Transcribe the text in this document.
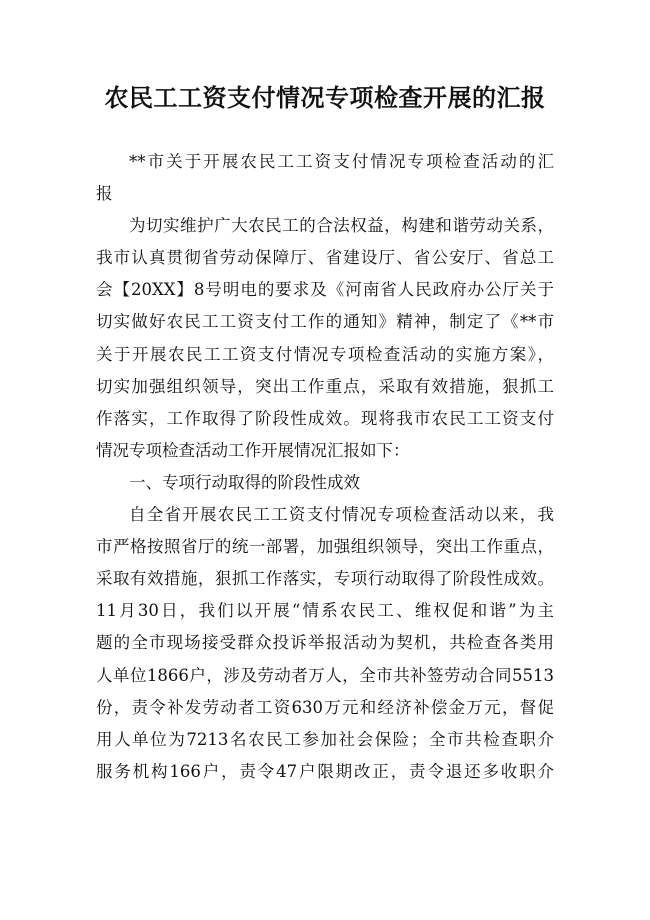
农民工工资支付情况专项检查开展的汇报
**市关于开展农民工工资支付情况专项检查活动的汇
报
为切实维护广大农民工的合法权益，构建和谐劳动关系，
我市认真贯彻省劳动保障厅、省建设厅、省公安厅、省总工
会【20XX】8号明电的要求及《河南省人民政府办公厅关于
切实做好农民工工资支付工作的通知》精神，制定了《**市
关于开展农民工工资支付情况专项检查活动的实施方案》，
切实加强组织领导，突出工作重点，采取有效措施，狠抓工
作落实，工作取得了阶段性成效。现将我市农民工工资支付
情况专项检查活动工作开展情况汇报如下：
一、专项行动取得的阶段性成效
自全省开展农民工工资支付情况专项检查活动以来，我
市严格按照省厅的统一部署，加强组织领导，突出工作重点，
采取有效措施，狠抓工作落实，专项行动取得了阶段性成效。
11月30日，我们以开展“情系农民工、维权促和谐”为主
题的全市现场接受群众投诉举报活动为契机，共检查各类用
人单位1866户，涉及劳动者万人，全市共补签劳动合同5513
份，责令补发劳动者工资630万元和经济补偿金万元，督促
用人单位为7213名农民工参加社会保险；全市共检查职介
服务机构166户，责令47户限期改正，责令退还多收职介
